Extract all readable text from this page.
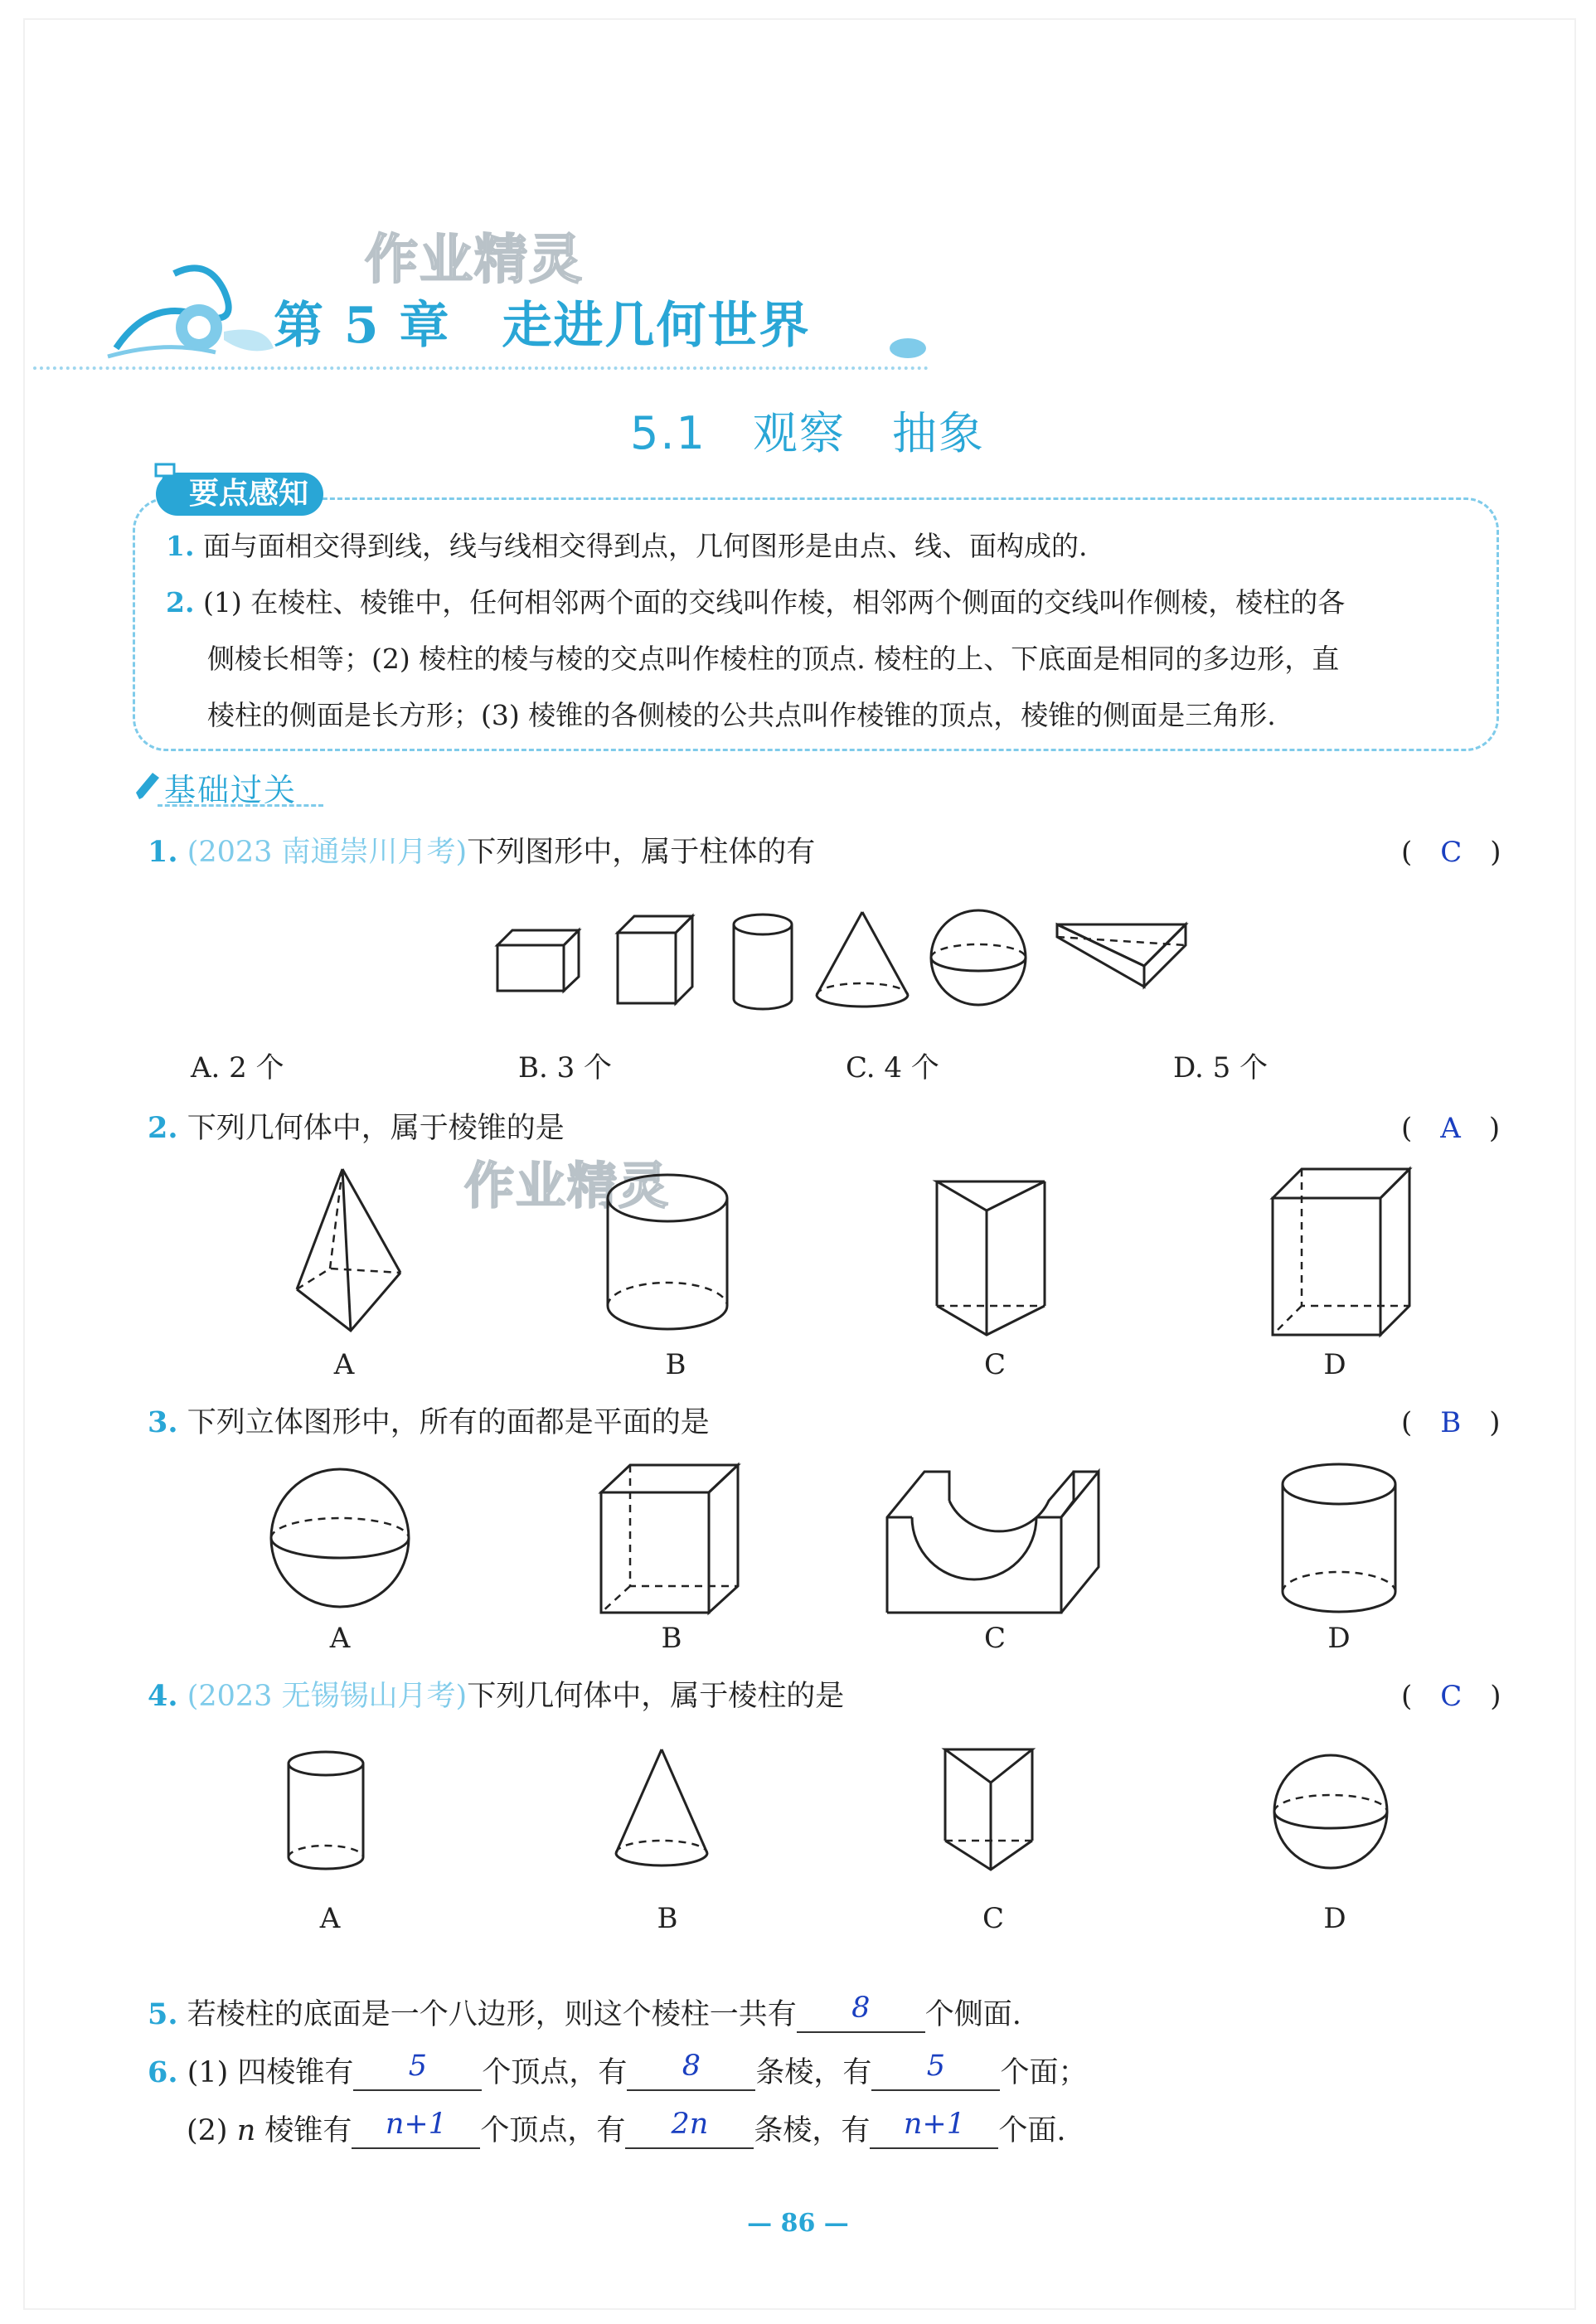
作业精灵
第 5 章　走进几何世界
5.1　观察　抽象
要点感知
1. 面与面相交得到线，线与线相交得到点，几何图形是由点、线、面构成的.
2. (1) 在棱柱、棱锥中，任何相邻两个面的交线叫作棱，相邻两个侧面的交线叫作侧棱，棱柱的各
侧棱长相等；(2) 棱柱的棱与棱的交点叫作棱柱的顶点. 棱柱的上、下底面是相同的多边形，直
棱柱的侧面是长方形；(3) 棱锥的各侧棱的公共点叫作棱锥的顶点，棱锥的侧面是三角形.
基础过关
1. (2023 南通崇川月考)下列图形中，属于柱体的有	(　C　)
A. 2 个	B. 3 个	C. 4 个	D. 5 个
2. 下列几何体中，属于棱锥的是	(　A　)
作业精灵
A	B	C	D
3. 下列立体图形中，所有的面都是平面的是	(　B　)
A	B	C	D
4. (2023 无锡锡山月考)下列几何体中，属于棱柱的是	(　C　)
A	B	C	D
5. 若棱柱的底面是一个八边形，则这个棱柱一共有 8 个侧面.
6. (1) 四棱锥有 5 个顶点，有 8 条棱，有 5 个面；
(2) n 棱锥有 n+1 个顶点，有 2n 条棱，有 n+1 个面.
— 86 —
